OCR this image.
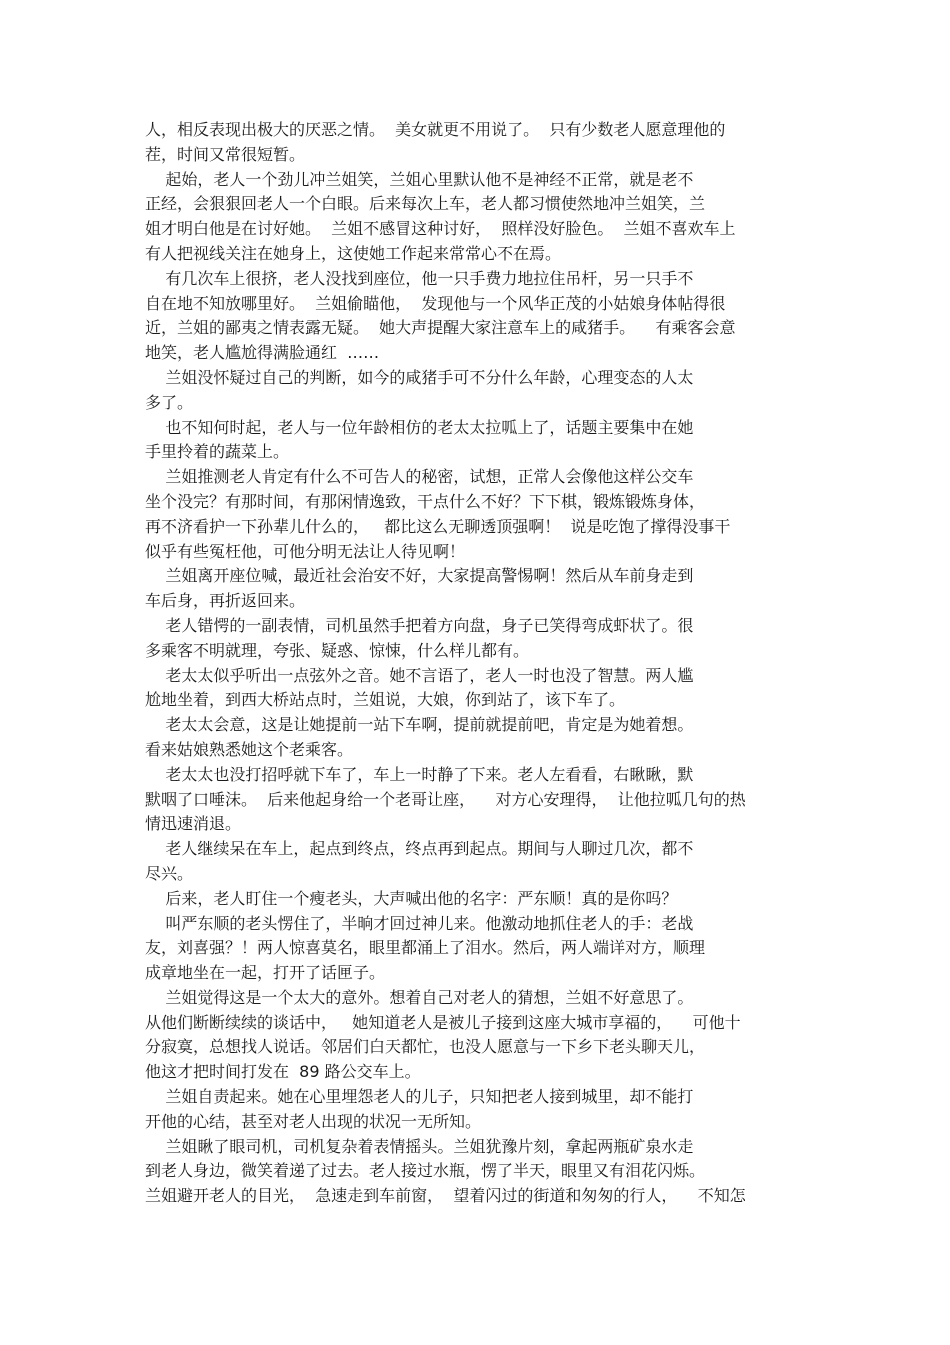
人，相反表现出极大的厌恶之情。  美女就更不用说了。  只有少数老人愿意理他的
茬，时间又常很短暂。
起始，老人一个劲儿冲兰姐笑，兰姐心里默认他不是神经不正常，就是老不
正经，会狠狠回老人一个白眼。后来每次上车，老人都习惯使然地冲兰姐笑，兰
姐才明白他是在讨好她。  兰姐不感冒这种讨好，  照样没好脸色。  兰姐不喜欢车上
有人把视线关注在她身上，这使她工作起来常常心不在焉。
有几次车上很挤，老人没找到座位，他一只手费力地拉住吊杆，另一只手不
自在地不知放哪里好。  兰姐偷瞄他，  发现他与一个风华正茂的小姑娘身体帖得很
近，兰姐的鄙夷之情表露无疑。  她大声提醒大家注意车上的咸猪手。    有乘客会意
地笑，老人尴尬得满脸通红  ……
兰姐没怀疑过自己的判断，如今的咸猪手可不分什么年龄，心理变态的人太
多了。
也不知何时起，老人与一位年龄相仿的老太太拉呱上了，话题主要集中在她
手里拎着的蔬菜上。
兰姐推测老人肯定有什么不可告人的秘密，试想，正常人会像他这样公交车
坐个没完？有那时间，有那闲情逸致，干点什么不好？下下棋，锻炼锻炼身体，
再不济看护一下孙辈儿什么的，   都比这么无聊透顶强啊！  说是吃饱了撑得没事干
似乎有些冤枉他，可他分明无法让人待见啊！
兰姐离开座位喊，最近社会治安不好，大家提高警惕啊！然后从车前身走到
车后身，再折返回来。
老人错愕的一副表情，司机虽然手把着方向盘，身子已笑得弯成虾状了。很
多乘客不明就理，夸张、疑惑、惊悚，什么样儿都有。
老太太似乎听出一点弦外之音。她不言语了，老人一时也没了智慧。两人尴
尬地坐着，到西大桥站点时，兰姐说，大娘，你到站了，该下车了。
老太太会意，这是让她提前一站下车啊，提前就提前吧，肯定是为她着想。
看来姑娘熟悉她这个老乘客。
老太太也没打招呼就下车了，车上一时静了下来。老人左看看，右瞅瞅，默
默咽了口唾沫。  后来他起身给一个老哥让座，    对方心安理得，  让他拉呱几句的热
情迅速消退。
老人继续呆在车上，起点到终点，终点再到起点。期间与人聊过几次，都不
尽兴。
后来，老人盯住一个瘦老头，大声喊出他的名字：严东顺！真的是你吗？
叫严东顺的老头愣住了，半晌才回过神儿来。他激动地抓住老人的手：老战
友，刘喜强？！两人惊喜莫名，眼里都涌上了泪水。然后，两人端详对方，顺理
成章地坐在一起，打开了话匣子。
兰姐觉得这是一个太大的意外。想着自己对老人的猜想，兰姐不好意思了。
从他们断断续续的谈话中，   她知道老人是被儿子接到这座大城市享福的，    可他十
分寂寞，总想找人说话。邻居们白天都忙，也没人愿意与一下乡下老头聊天儿，
他这才把时间打发在  89 路公交车上。
兰姐自责起来。她在心里埋怨老人的儿子，只知把老人接到城里，却不能打
开他的心结，甚至对老人出现的状况一无所知。
兰姐瞅了眼司机，司机复杂着表情摇头。兰姐犹豫片刻，拿起两瓶矿泉水走
到老人身边，微笑着递了过去。老人接过水瓶，愣了半天，眼里又有泪花闪烁。
兰姐避开老人的目光，  急速走到车前窗，  望着闪过的街道和匆匆的行人，    不知怎
